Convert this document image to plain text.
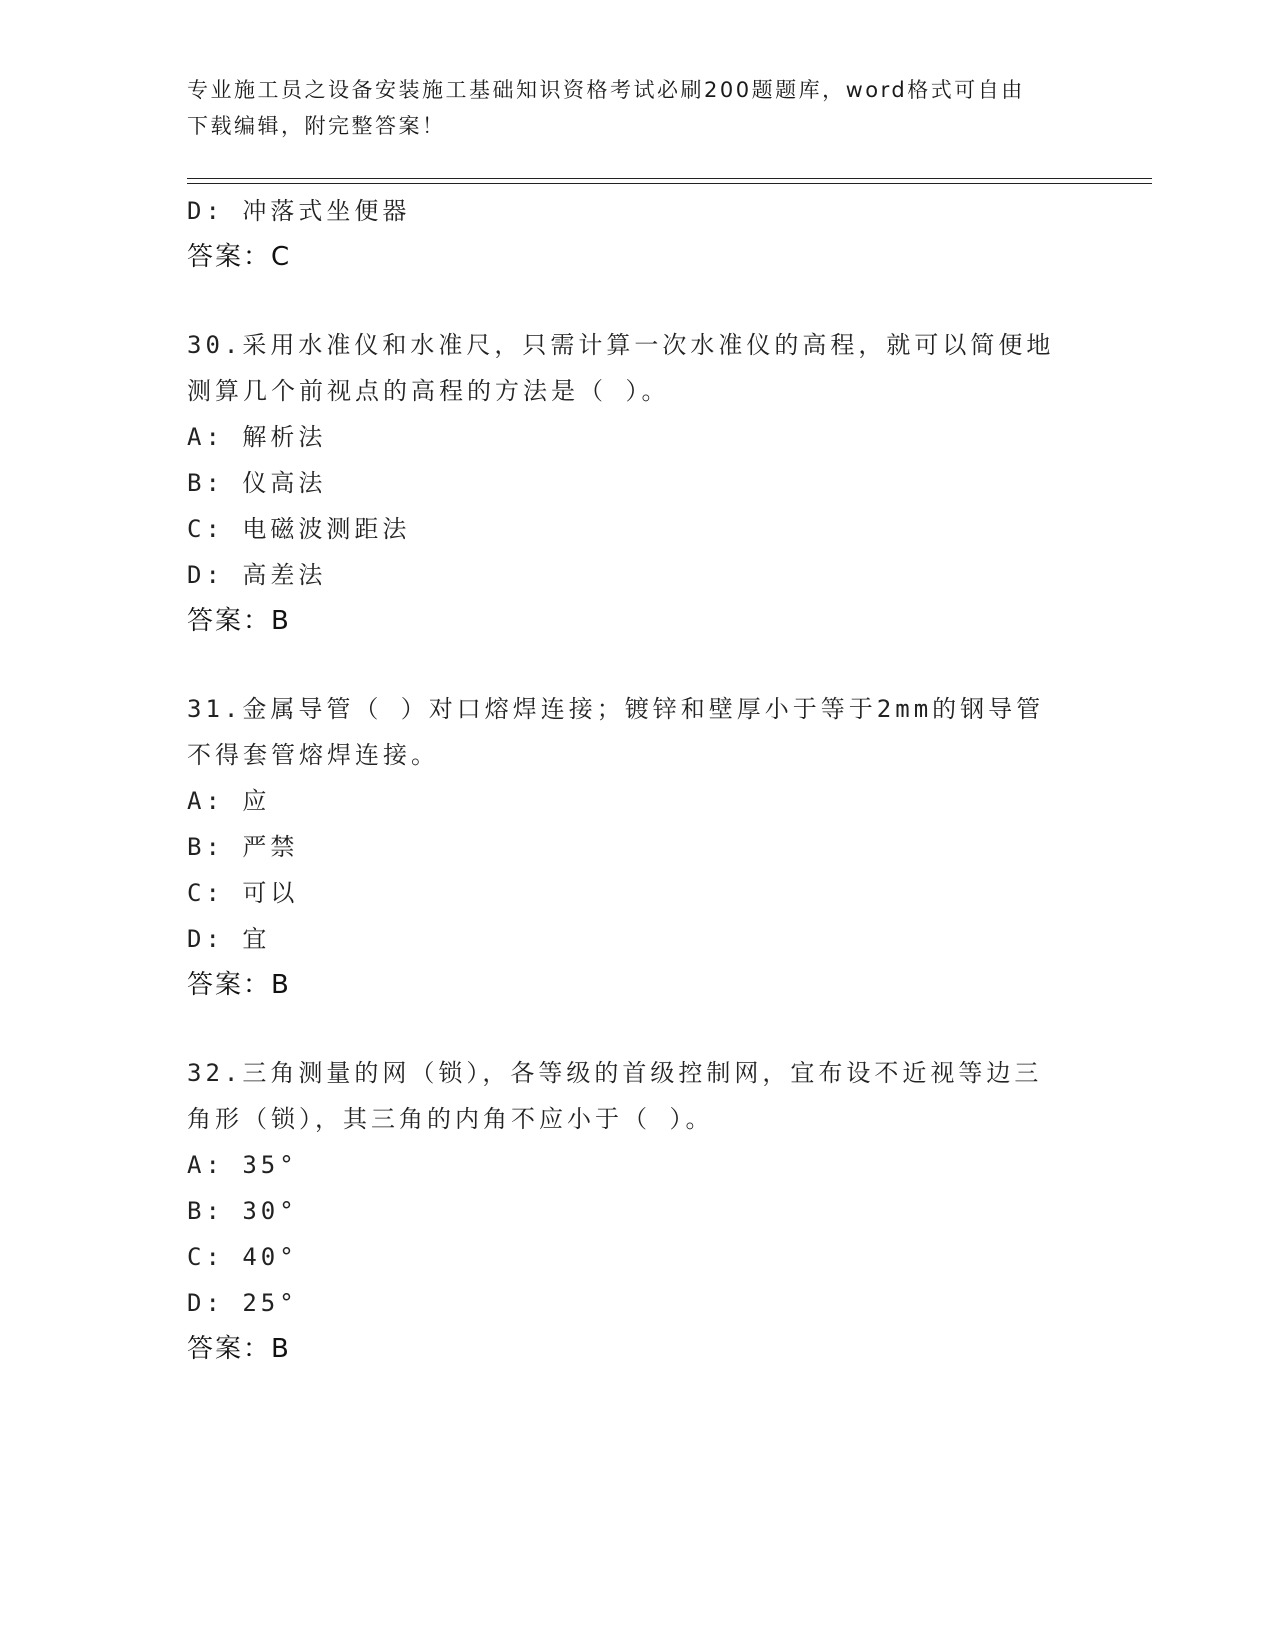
专业施工员之设备安装施工基础知识资格考试必刷200题题库，word格式可自由
下载编辑，附完整答案！
D: 冲落式坐便器
答案：C
30.采用水准仪和水准尺，只需计算一次水准仪的高程，就可以简便地
测算几个前视点的高程的方法是（ ）。
A: 解析法
B: 仪高法
C: 电磁波测距法
D: 高差法
答案：B
31.金属导管（ ）对口熔焊连接；镀锌和壁厚小于等于2mm的钢导管
不得套管熔焊连接。
A: 应
B: 严禁
C: 可以
D: 宜
答案：B
32.三角测量的网（锁），各等级的首级控制网，宜布设不近视等边三
角形（锁），其三角的内角不应小于（ ）。
A: 35°
B: 30°
C: 40°
D: 25°
答案：B
